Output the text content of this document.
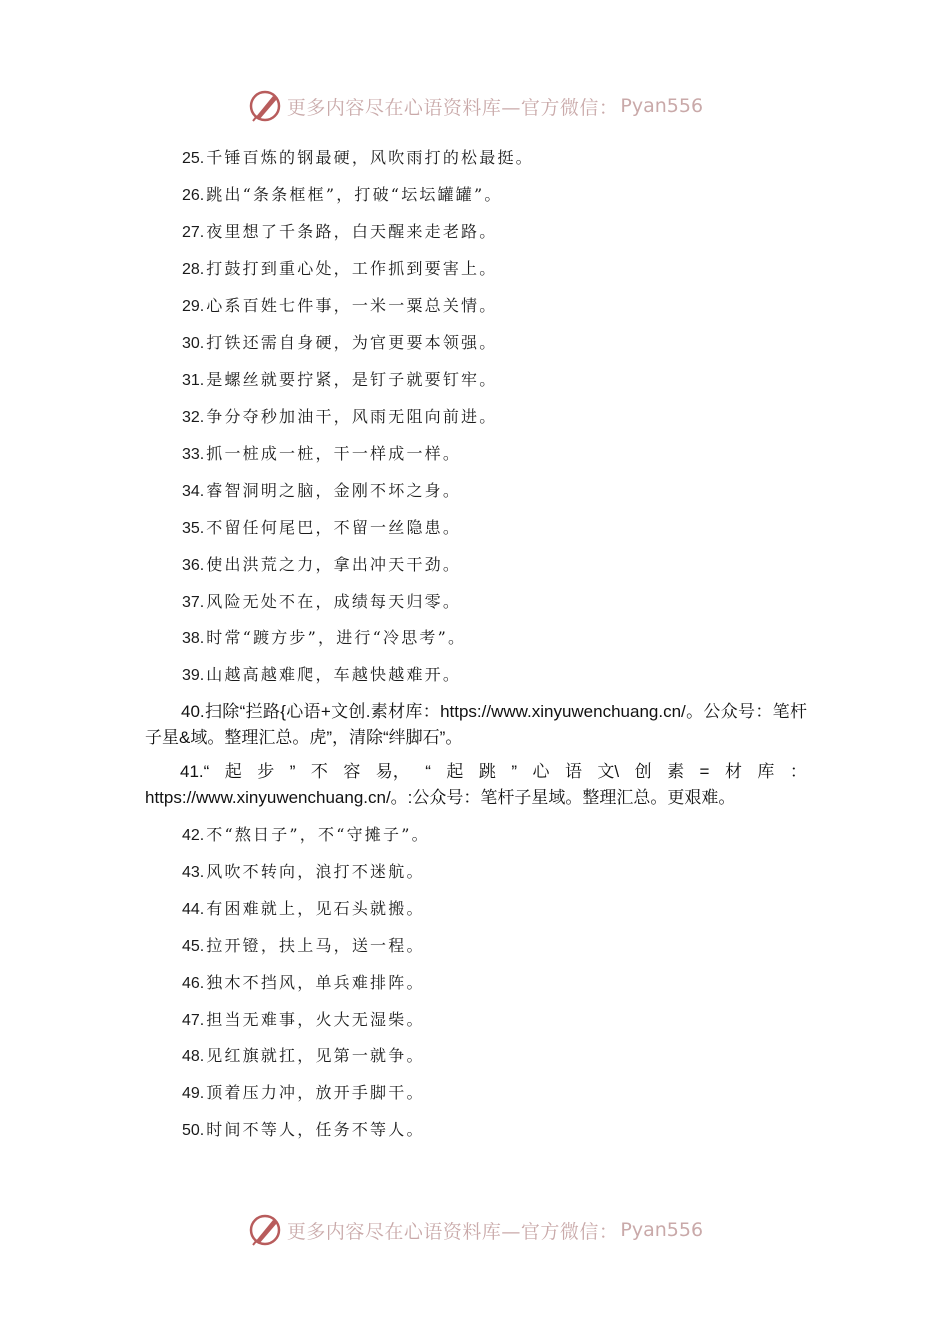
更多内容尽在心语资料库—官方微信： Pyan556
25. 千锤百炼的钢最硬，风吹雨打的松最挺。
26. 跳出“条条框框”，打破“坛坛罐罐”。
27. 夜里想了千条路，白天醒来走老路。
28. 打鼓打到重心处，工作抓到要害上。
29. 心系百姓七件事，一米一粟总关情。
30. 打铁还需自身硬，为官更要本领强。
31. 是螺丝就要拧紧，是钉子就要钉牢。
32. 争分夺秒加油干，风雨无阻向前进。
33. 抓一桩成一桩，干一样成一样。
34. 睿智洞明之脑，金刚不坏之身。
35. 不留任何尾巴，不留一丝隐患。
36. 使出洪荒之力，拿出冲天干劲。
37. 风险无处不在，成绩每天归零。
38. 时常“踱方步”，进行“冷思考”。
39. 山越高越难爬，车越快越难开。
40.扫除“拦路{心语+文创.素材库：https://www.xinyuwenchuang.cn/。公众号：笔杆子星&域。整理汇总。虎”，清除“绊脚石”。
41.“ 起 步 ” 不 容 易， “ 起 跳 ” 心 语 文\ 创 素 = 材 库 ：
https://www.xinyuwenchuang.cn/。:公众号：笔杆子星域。整理汇总。更艰难。
42. 不“熬日子”，不“守摊子”。
43. 风吹不转向，浪打不迷航。
44. 有困难就上，见石头就搬。
45. 拉开镫，扶上马，送一程。
46. 独木不挡风，单兵难排阵。
47. 担当无难事，火大无湿柴。
48. 见红旗就扛，见第一就争。
49. 顶着压力冲，放开手脚干。
50. 时间不等人，任务不等人。
更多内容尽在心语资料库—官方微信： Pyan556
